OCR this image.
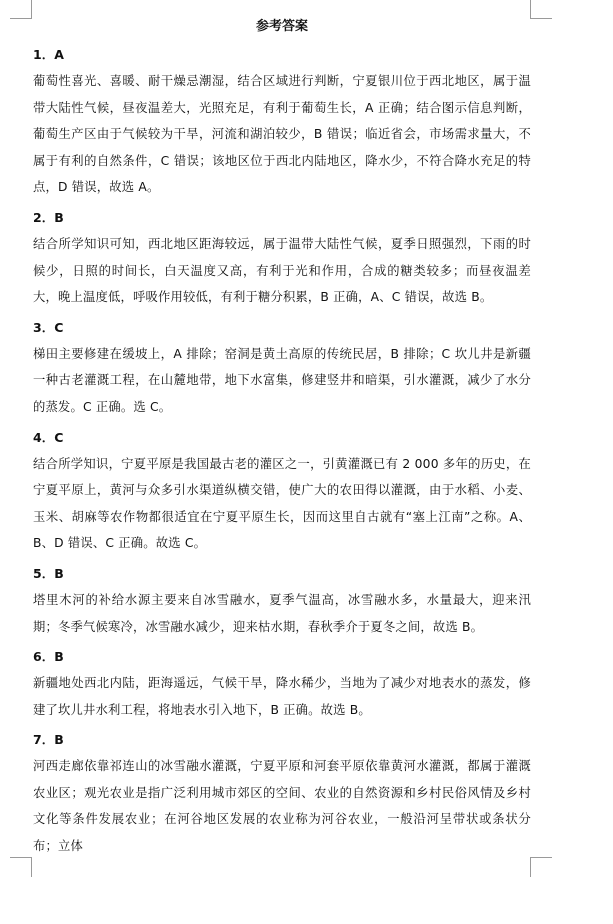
参考答案
1．A

葡萄性喜光、喜暖、耐干燥忌潮湿，结合区域进行判断，宁夏银川位于西北地区，属于温带大陆性气候，昼夜温差大，光照充足，有利于葡萄生长，A 正确；结合图示信息判断，葡萄生产区由于气候较为干旱，河流和湖泊较少，B 错误；临近省会，市场需求量大，不属于有利的自然条件，C 错误；该地区位于西北内陆地区，降水少，不符合降水充足的特点，D 错误，故选 A。

2．B

结合所学知识可知，西北地区距海较远，属于温带大陆性气候，夏季日照强烈，下雨的时候少，日照的时间长，白天温度又高，有利于光和作用，合成的糖类较多；而昼夜温差大，晚上温度低，呼吸作用较低，有利于糖分积累，B 正确，A、C 错误，故选 B。

3．C

梯田主要修建在缓坡上，A 排除；窑洞是黄土高原的传统民居，B 排除；C 坎儿井是新疆一种古老灌溉工程，在山麓地带，地下水富集，修建竖井和暗渠，引水灌溉，减少了水分的蒸发。C 正确。选 C。

4．C

结合所学知识，宁夏平原是我国最古老的灌区之一，引黄灌溉已有 2 000 多年的历史，在宁夏平原上，黄河与众多引水渠道纵横交错，使广大的农田得以灌溉，由于水稻、小麦、玉米、胡麻等农作物都很适宜在宁夏平原生长，因而这里自古就有“塞上江南”之称。A、B、D 错误、C 正确。故选 C。

5．B

塔里木河的补给水源主要来自冰雪融水，夏季气温高，冰雪融水多，水量最大，迎来汛期；冬季气候寒冷，冰雪融水减少，迎来枯水期，春秋季介于夏冬之间，故选 B。

6．B

新疆地处西北内陆，距海遥远，气候干旱，降水稀少，当地为了减少对地表水的蒸发，修建了坎儿井水利工程，将地表水引入地下，B 正确。故选 B。

7．B

河西走廊依靠祁连山的冰雪融水灌溉，宁夏平原和河套平原依靠黄河水灌溉，都属于灌溉农业区；观光农业是指广泛利用城市郊区的空间、农业的自然资源和乡村民俗风情及乡村文化等条件发展农业；在河谷地区发展的农业称为河谷农业，一般沿河呈带状或条状分布；立体
